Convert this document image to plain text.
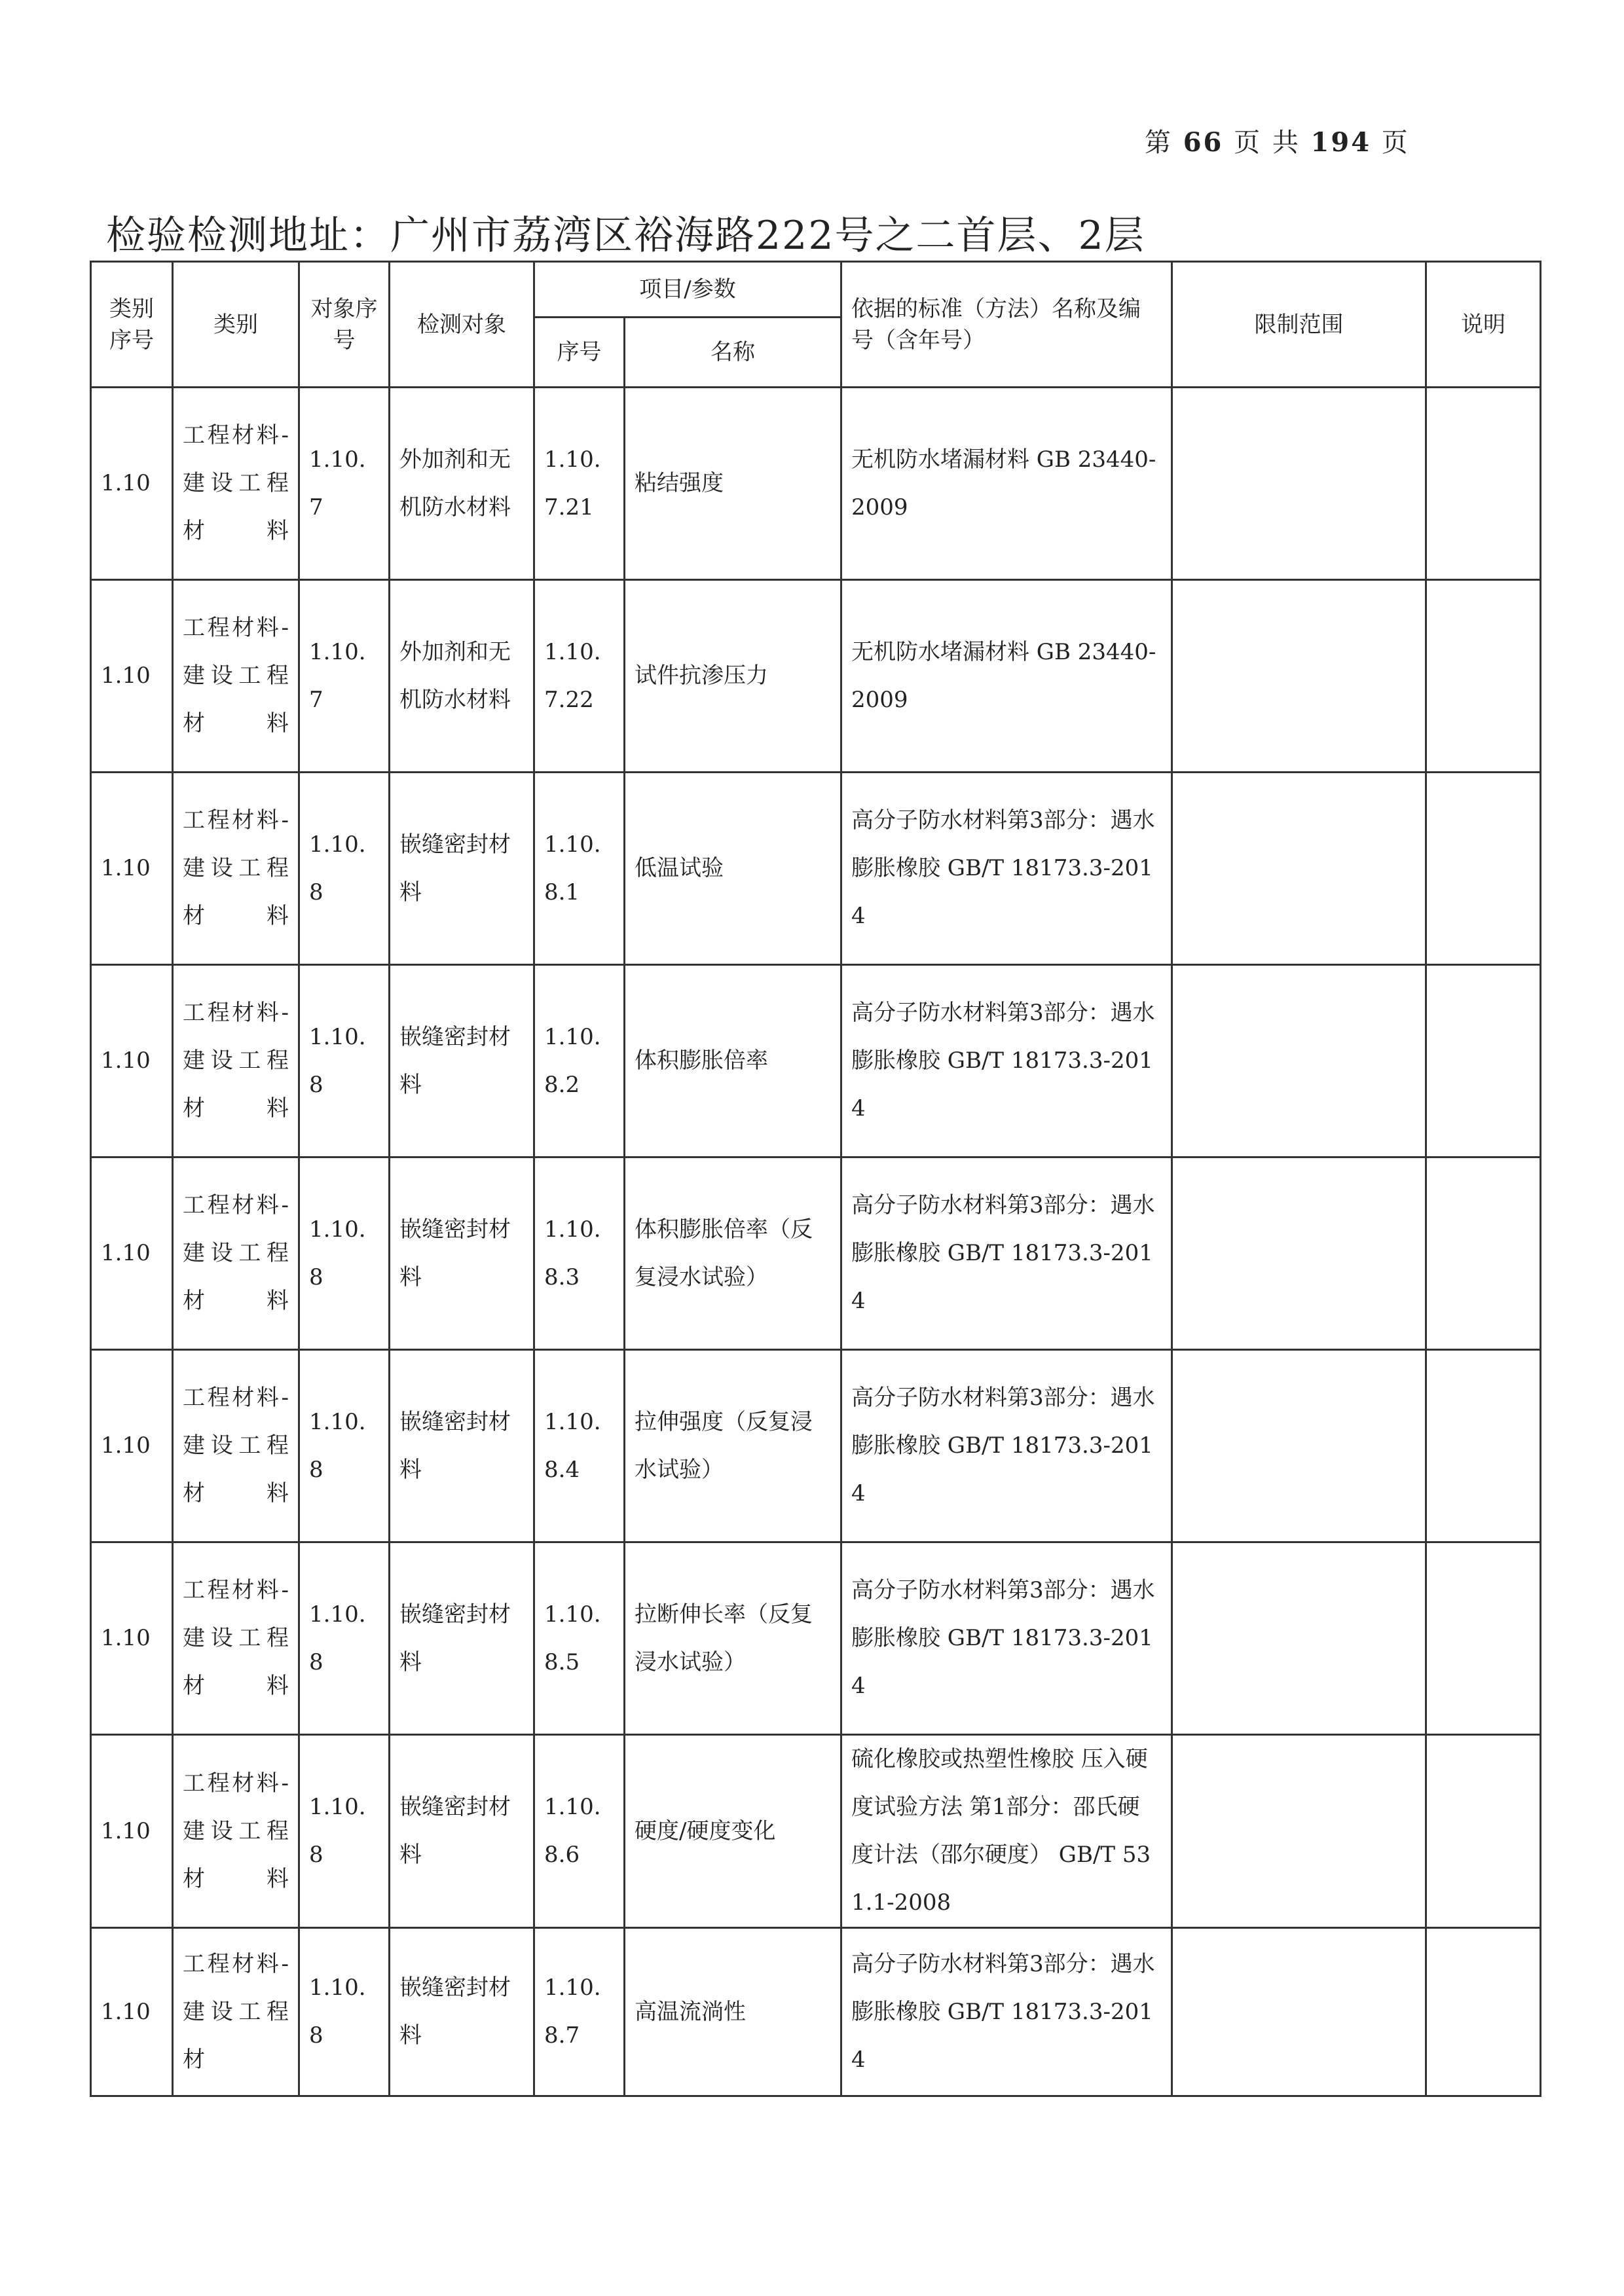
第 66 页 共 194 页
检验检测地址：广州市荔湾区裕海路222号之二首层、2层
类别序号	类别	对象序号	检测对象	项目/参数		依据的标准（方法）名称及编号（含年号）	限制范围	说明
				序号	名称			

1.10	工程材料-建设工程材料	1.10.7	外加剂和无机防水材料	1.10.7.21	粘结强度	无机防水堵漏材料 GB 23440-2009		

1.10	工程材料-建设工程材料	1.10.7	外加剂和无机防水材料	1.10.7.22	试件抗渗压力	无机防水堵漏材料 GB 23440-2009		

1.10	工程材料-建设工程材料	1.10.8	嵌缝密封材料	1.10.8.1	低温试验	高分子防水材料第3部分：遇水膨胀橡胶 GB/T 18173.3-2014		

1.10	工程材料-建设工程材料	1.10.8	嵌缝密封材料	1.10.8.2	体积膨胀倍率	高分子防水材料第3部分：遇水膨胀橡胶 GB/T 18173.3-2014		

1.10	工程材料-建设工程材料	1.10.8	嵌缝密封材料	1.10.8.3	体积膨胀倍率（反复浸水试验）	高分子防水材料第3部分：遇水膨胀橡胶 GB/T 18173.3-2014		

1.10	工程材料-建设工程材料	1.10.8	嵌缝密封材料	1.10.8.4	拉伸强度（反复浸水试验）	高分子防水材料第3部分：遇水膨胀橡胶 GB/T 18173.3-2014		

1.10	工程材料-建设工程材料	1.10.8	嵌缝密封材料	1.10.8.5	拉断伸长率（反复浸水试验）	高分子防水材料第3部分：遇水膨胀橡胶 GB/T 18173.3-2014		

1.10	工程材料-建设工程材料	1.10.8	嵌缝密封材料	1.10.8.6	硬度/硬度变化	硫化橡胶或热塑性橡胶 压入硬度试验方法 第1部分：邵氏硬度计法（邵尔硬度） GB/T 531.1-2008		

1.10	工程材料-建设工程材	1.10.8	嵌缝密封材料	1.10.8.7	高温流淌性	高分子防水材料第3部分：遇水膨胀橡胶 GB/T 18173.3-2014		
